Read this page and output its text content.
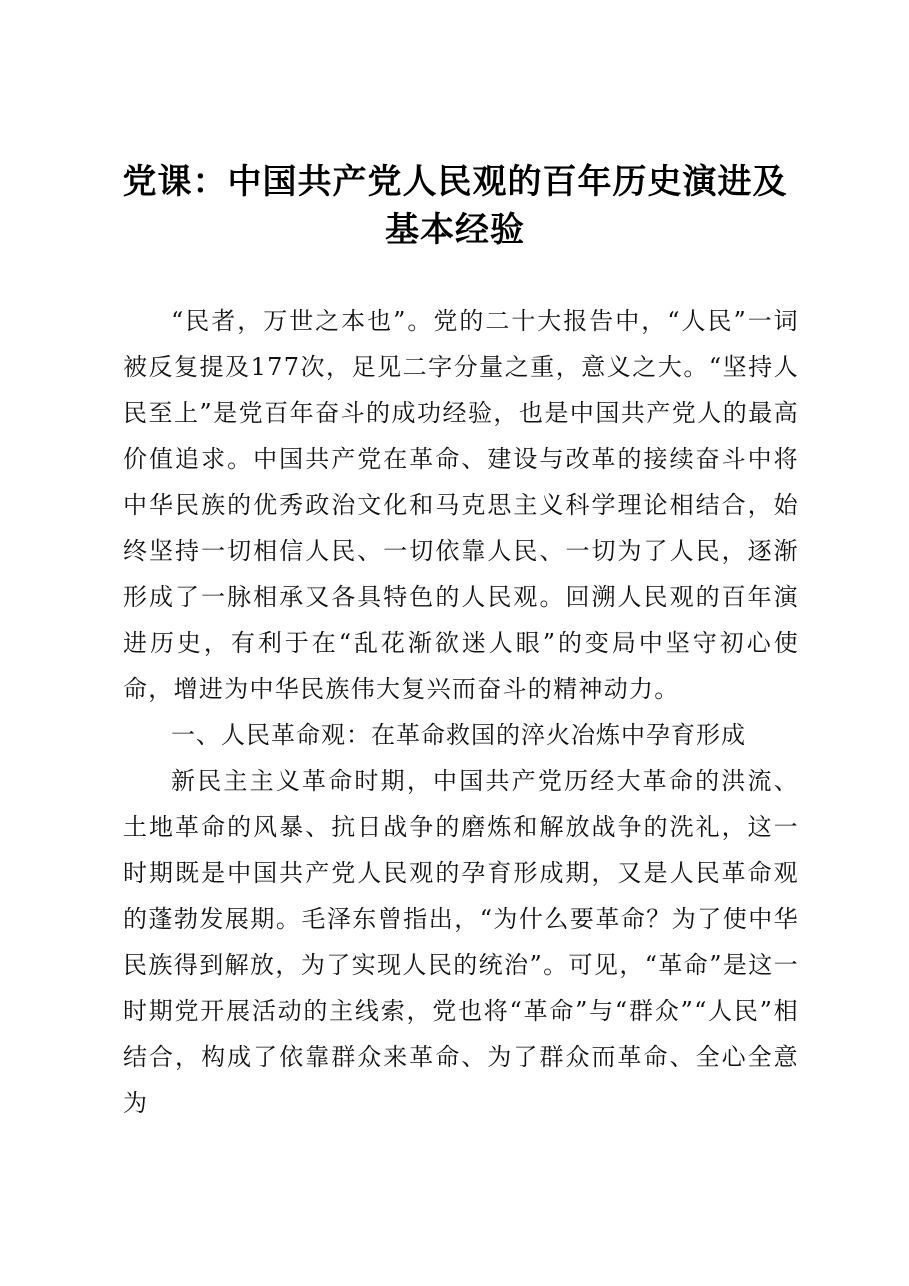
党课：中国共产党人民观的百年历史演进及基本经验

“民者，万世之本也”。党的二十大报告中，“人民”一词被反复提及177次，足见二字分量之重，意义之大。“坚持人民至上”是党百年奋斗的成功经验，也是中国共产党人的最高价值追求。中国共产党在革命、建设与改革的接续奋斗中将中华民族的优秀政治文化和马克思主义科学理论相结合，始终坚持一切相信人民、一切依靠人民、一切为了人民，逐渐形成了一脉相承又各具特色的人民观。回溯人民观的百年演进历史，有利于在“乱花渐欲迷人眼”的变局中坚守初心使命，增进为中华民族伟大复兴而奋斗的精神动力。

一、人民革命观：在革命救国的淬火冶炼中孕育形成

新民主主义革命时期，中国共产党历经大革命的洪流、土地革命的风暴、抗日战争的磨炼和解放战争的洗礼，这一时期既是中国共产党人民观的孕育形成期，又是人民革命观的蓬勃发展期。毛泽东曾指出，“为什么要革命？为了使中华民族得到解放，为了实现人民的统治”。可见，“革命”是这一时期党开展活动的主线索，党也将“革命”与“群众”“人民”相结合，构成了依靠群众来革命、为了群众而革命、全心全意为
